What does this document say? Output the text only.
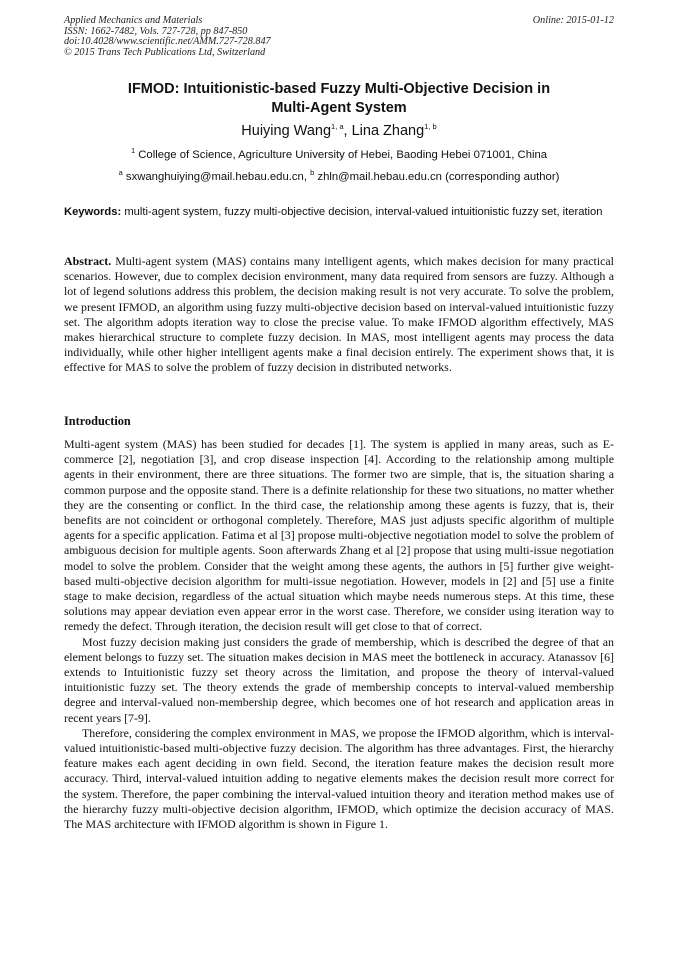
Applied Mechanics and Materials
ISSN: 1662-7482, Vols. 727-728, pp 847-850
doi:10.4028/www.scientific.net/AMM.727-728.847
© 2015 Trans Tech Publications Ltd, Switzerland
Online: 2015-01-12
IFMOD: Intuitionistic-based Fuzzy Multi-Objective Decision in
Multi-Agent System
Huiying Wang$^{1, a}$, Lina Zhang$^{1, b}$
$^1$ College of Science, Agriculture University of Hebei, Baoding Hebei 071001, China
$^a$ sxwanghuiying@mail.hebau.edu.cn, $^b$ zhln@mail.hebau.edu.cn (corresponding author)
Keywords: multi-agent system, fuzzy multi-objective decision, interval-valued intuitionistic fuzzy set, iteration

Abstract. Multi-agent system (MAS) contains many intelligent agents, which makes decision for many practical scenarios. However, due to complex decision environment, many data required from sensors are fuzzy. Although a lot of legend solutions address this problem, the decision making result is not very accurate. To solve the problem, we present IFMOD, an algorithm using fuzzy multi-objective decision based on interval-valued intuitionistic fuzzy set. The algorithm adopts iteration way to close the precise value. To make IFMOD algorithm effectively, MAS makes hierarchical structure to complete fuzzy decision. In MAS, most intelligent agents may process the data individually, while other higher intelligent agents make a final decision entirely. The experiment shows that, it is effective for MAS to solve the problem of fuzzy decision in distributed networks.

Introduction

Multi-agent system (MAS) has been studied for decades [1]. The system is applied in many areas, such as E-commerce [2], negotiation [3], and crop disease inspection [4]. According to the relationship among multiple agents in their environment, there are three situations. The former two are simple, that is, the situation sharing a common purpose and the opposite stand. There is a definite relationship for these two situations, no matter whether they are the consenting or conflict. In the third case, the relationship among these agents is fuzzy, that is, their benefits are not coincident or orthogonal completely. Therefore, MAS just adjusts specific algorithm of multiple agents for a specific application. Fatima et al [3] propose multi-objective negotiation model to solve the problem of ambiguous decision for multiple agents. Soon afterwards Zhang et al [2] propose that using multi-issue negotiation model to solve the problem. Consider that the weight among these agents, the authors in [5] further give weight-based multi-objective decision algorithm for multi-issue negotiation. However, models in [2] and [5] use a finite stage to make decision, regardless of the actual situation which maybe needs numerous steps. At this time, these solutions may appear deviation even appear error in the worst case. Therefore, we consider using iteration way to remedy the defect. Through iteration, the decision result will get close to that of correct.

Most fuzzy decision making just considers the grade of membership, which is described the degree of that an element belongs to fuzzy set. The situation makes decision in MAS meet the bottleneck in accuracy. Atanassov [6] extends to Intuitionistic fuzzy set theory across the limitation, and propose the theory of interval-valued intuitionistic fuzzy set. The theory extends the grade of membership concepts to interval-valued membership degree and interval-valued non-membership degree, which becomes one of hot research and application areas in recent years [7-9].

Therefore, considering the complex environment in MAS, we propose the IFMOD algorithm, which is interval-valued intuitionistic-based multi-objective fuzzy decision. The algorithm has three advantages. First, the hierarchy feature makes each agent deciding in own field. Second, the iteration feature makes the decision result more accuracy. Third, interval-valued intuition adding to negative elements makes the decision result more correct for the system. Therefore, the paper combining the interval-valued intuition theory and iteration method makes use of the hierarchy fuzzy multi-objective decision algorithm, IFMOD, which optimize the decision accuracy of MAS. The MAS architecture with IFMOD algorithm is shown in Figure 1.
